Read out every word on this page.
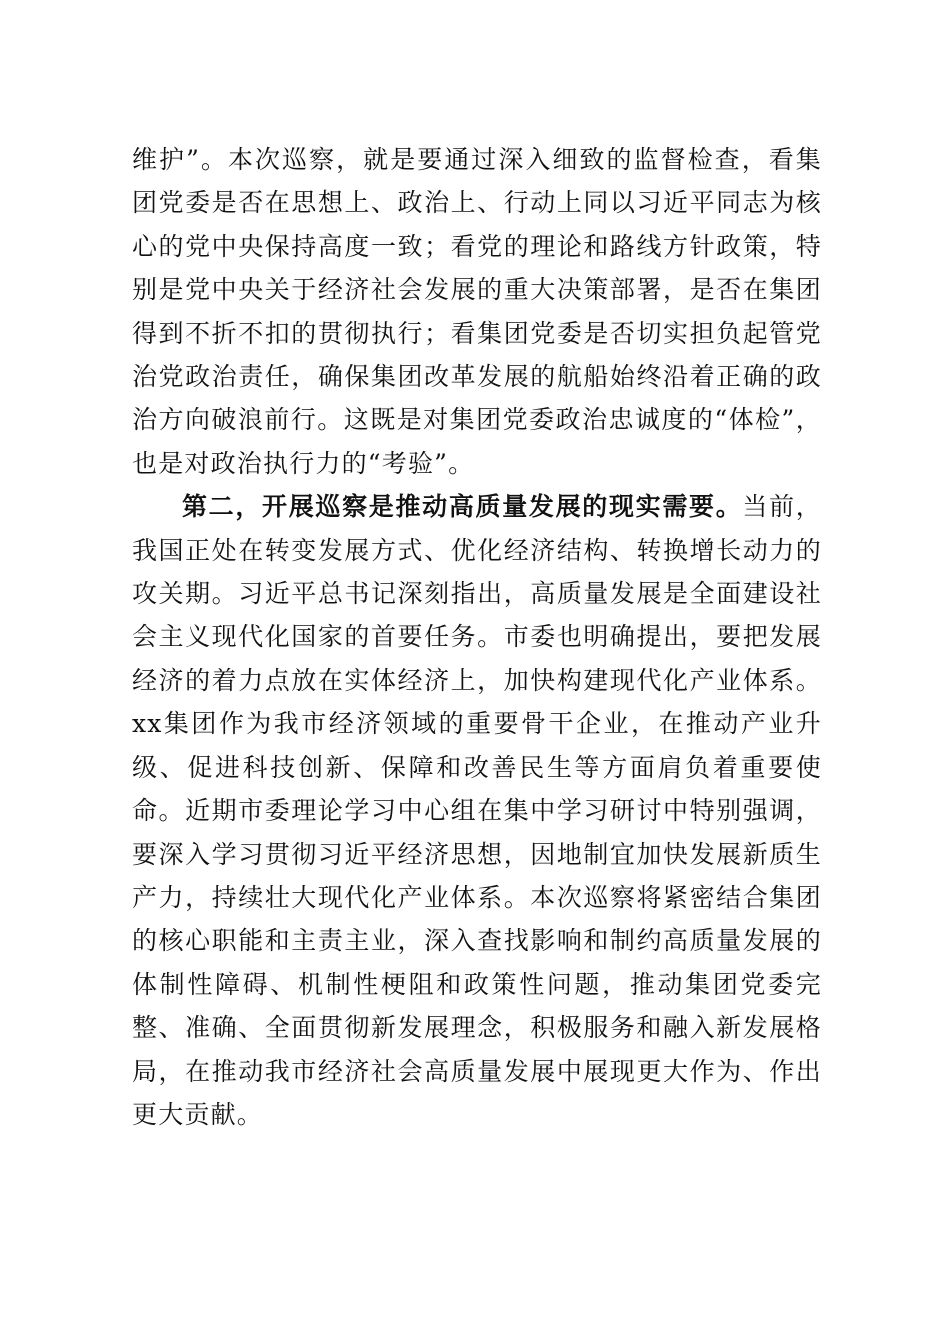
维护”。本次巡察，就是要通过深入细致的监督检查，看集团党委是否在思想上、政治上、行动上同以习近平同志为核心的党中央保持高度一致；看党的理论和路线方针政策，特别是党中央关于经济社会发展的重大决策部署，是否在集团得到不折不扣的贯彻执行；看集团党委是否切实担负起管党治党政治责任，确保集团改革发展的航船始终沿着正确的政治方向破浪前行。这既是对集团党委政治忠诚度的“体检”，也是对政治执行力的“考验”。

第二，开展巡察是推动高质量发展的现实需要。当前，我国正处在转变发展方式、优化经济结构、转换增长动力的攻关期。习近平总书记深刻指出，高质量发展是全面建设社会主义现代化国家的首要任务。市委也明确提出，要把发展经济的着力点放在实体经济上，加快构建现代化产业体系。xx集团作为我市经济领域的重要骨干企业，在推动产业升级、促进科技创新、保障和改善民生等方面肩负着重要使命。近期市委理论学习中心组在集中学习研讨中特别强调，要深入学习贯彻习近平经济思想，因地制宜加快发展新质生产力，持续壮大现代化产业体系。本次巡察将紧密结合集团的核心职能和主责主业，深入查找影响和制约高质量发展的体制性障碍、机制性梗阻和政策性问题，推动集团党委完整、准确、全面贯彻新发展理念，积极服务和融入新发展格局，在推动我市经济社会高质量发展中展现更大作为、作出更大贡献。
